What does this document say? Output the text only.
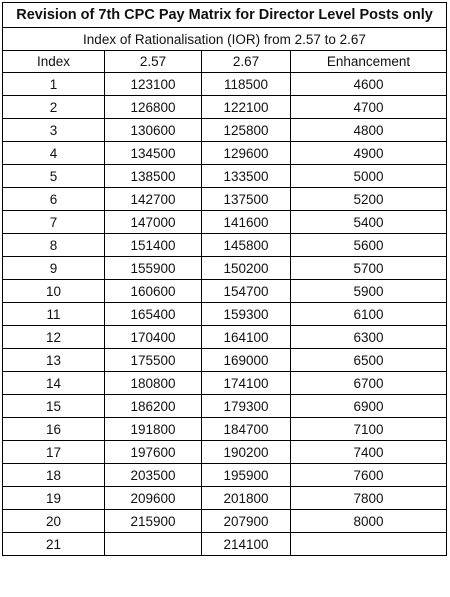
Revision of 7th CPC Pay Matrix for Director Level Posts only			
Index of Rationalisation (IOR) from 2.57 to 2.67			
Index	2.57	2.67	Enhancement
1	123100	118500	4600
2	126800	122100	4700
3	130600	125800	4800
4	134500	129600	4900
5	138500	133500	5000
6	142700	137500	5200
7	147000	141600	5400
8	151400	145800	5600
9	155900	150200	5700
10	160600	154700	5900
11	165400	159300	6100
12	170400	164100	6300
13	175500	169000	6500
14	180800	174100	6700
15	186200	179300	6900
16	191800	184700	7100
17	197600	190200	7400
18	203500	195900	7600
19	209600	201800	7800
20	215900	207900	8000
21		214100	
